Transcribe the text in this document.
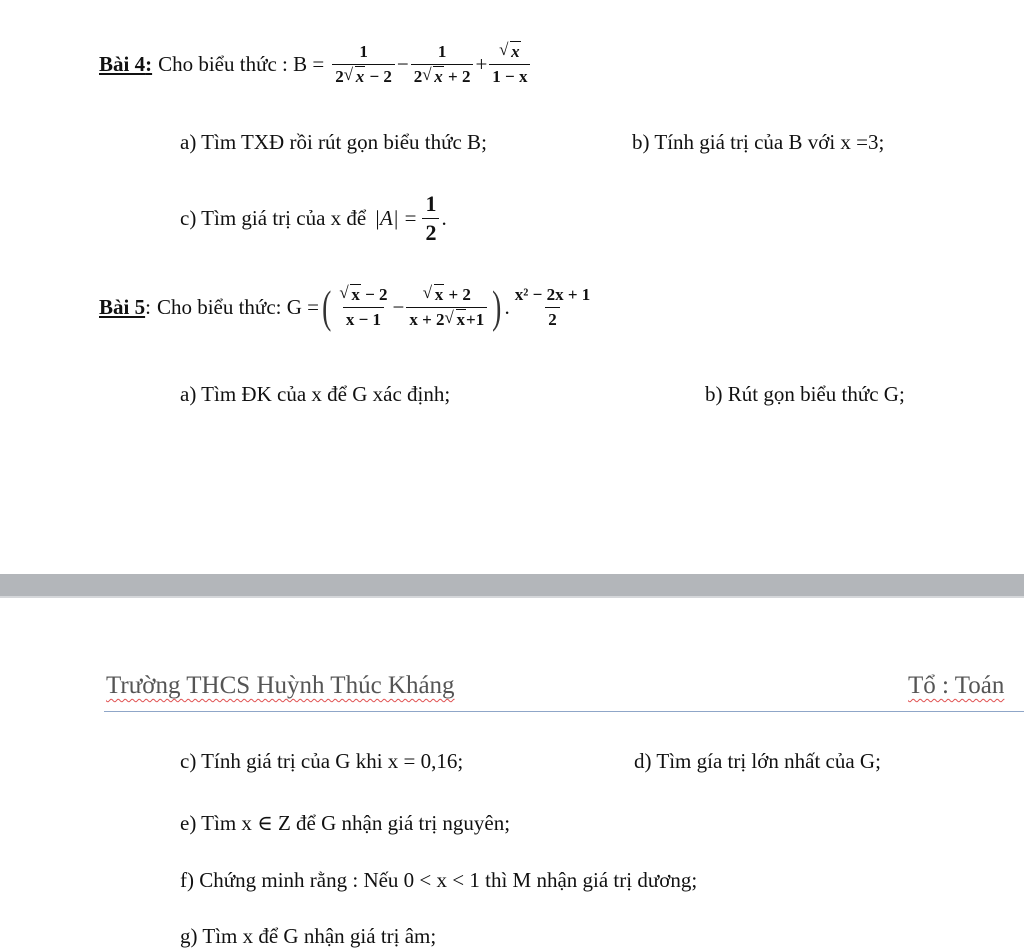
Bài 4 : Cho biểu thức : $B = \frac{1}{2 √ x - 2} - \frac{1}{2 √ x + 2}$ + √ $\frac{x}{1 - x}$
a) Tìm TXĐ rồi rút gọn biểu thức B;	b) Tính giá trị của B với x =3;
c) Tìm giá trị của x để $|A| = \frac{1}{2}$ .
Bài 5 : Cho biểu thức: G = ( √ $\frac{x - 2}{x - 1}$ − √ $\frac{x + 2}{x + 2 √ x+1}$ ) . $\frac{\text{x² − 2x + 1}}{2}$
a) Tìm ĐK của x để G xác định;	b) Rút gọn biểu thức G;
Trường THCS Huỳnh Thúc Kháng	Tổ : Toán
c) Tính giá trị của G khi x = 0,16;	d) Tìm gía trị lớn nhất của G;
e) Tìm x ∈ Z để G nhận giá trị nguyên;
f) Chứng minh rằng : Nếu 0 < x < 1 thì M nhận giá trị dương;
g) Tìm x để G nhận giá trị âm;
